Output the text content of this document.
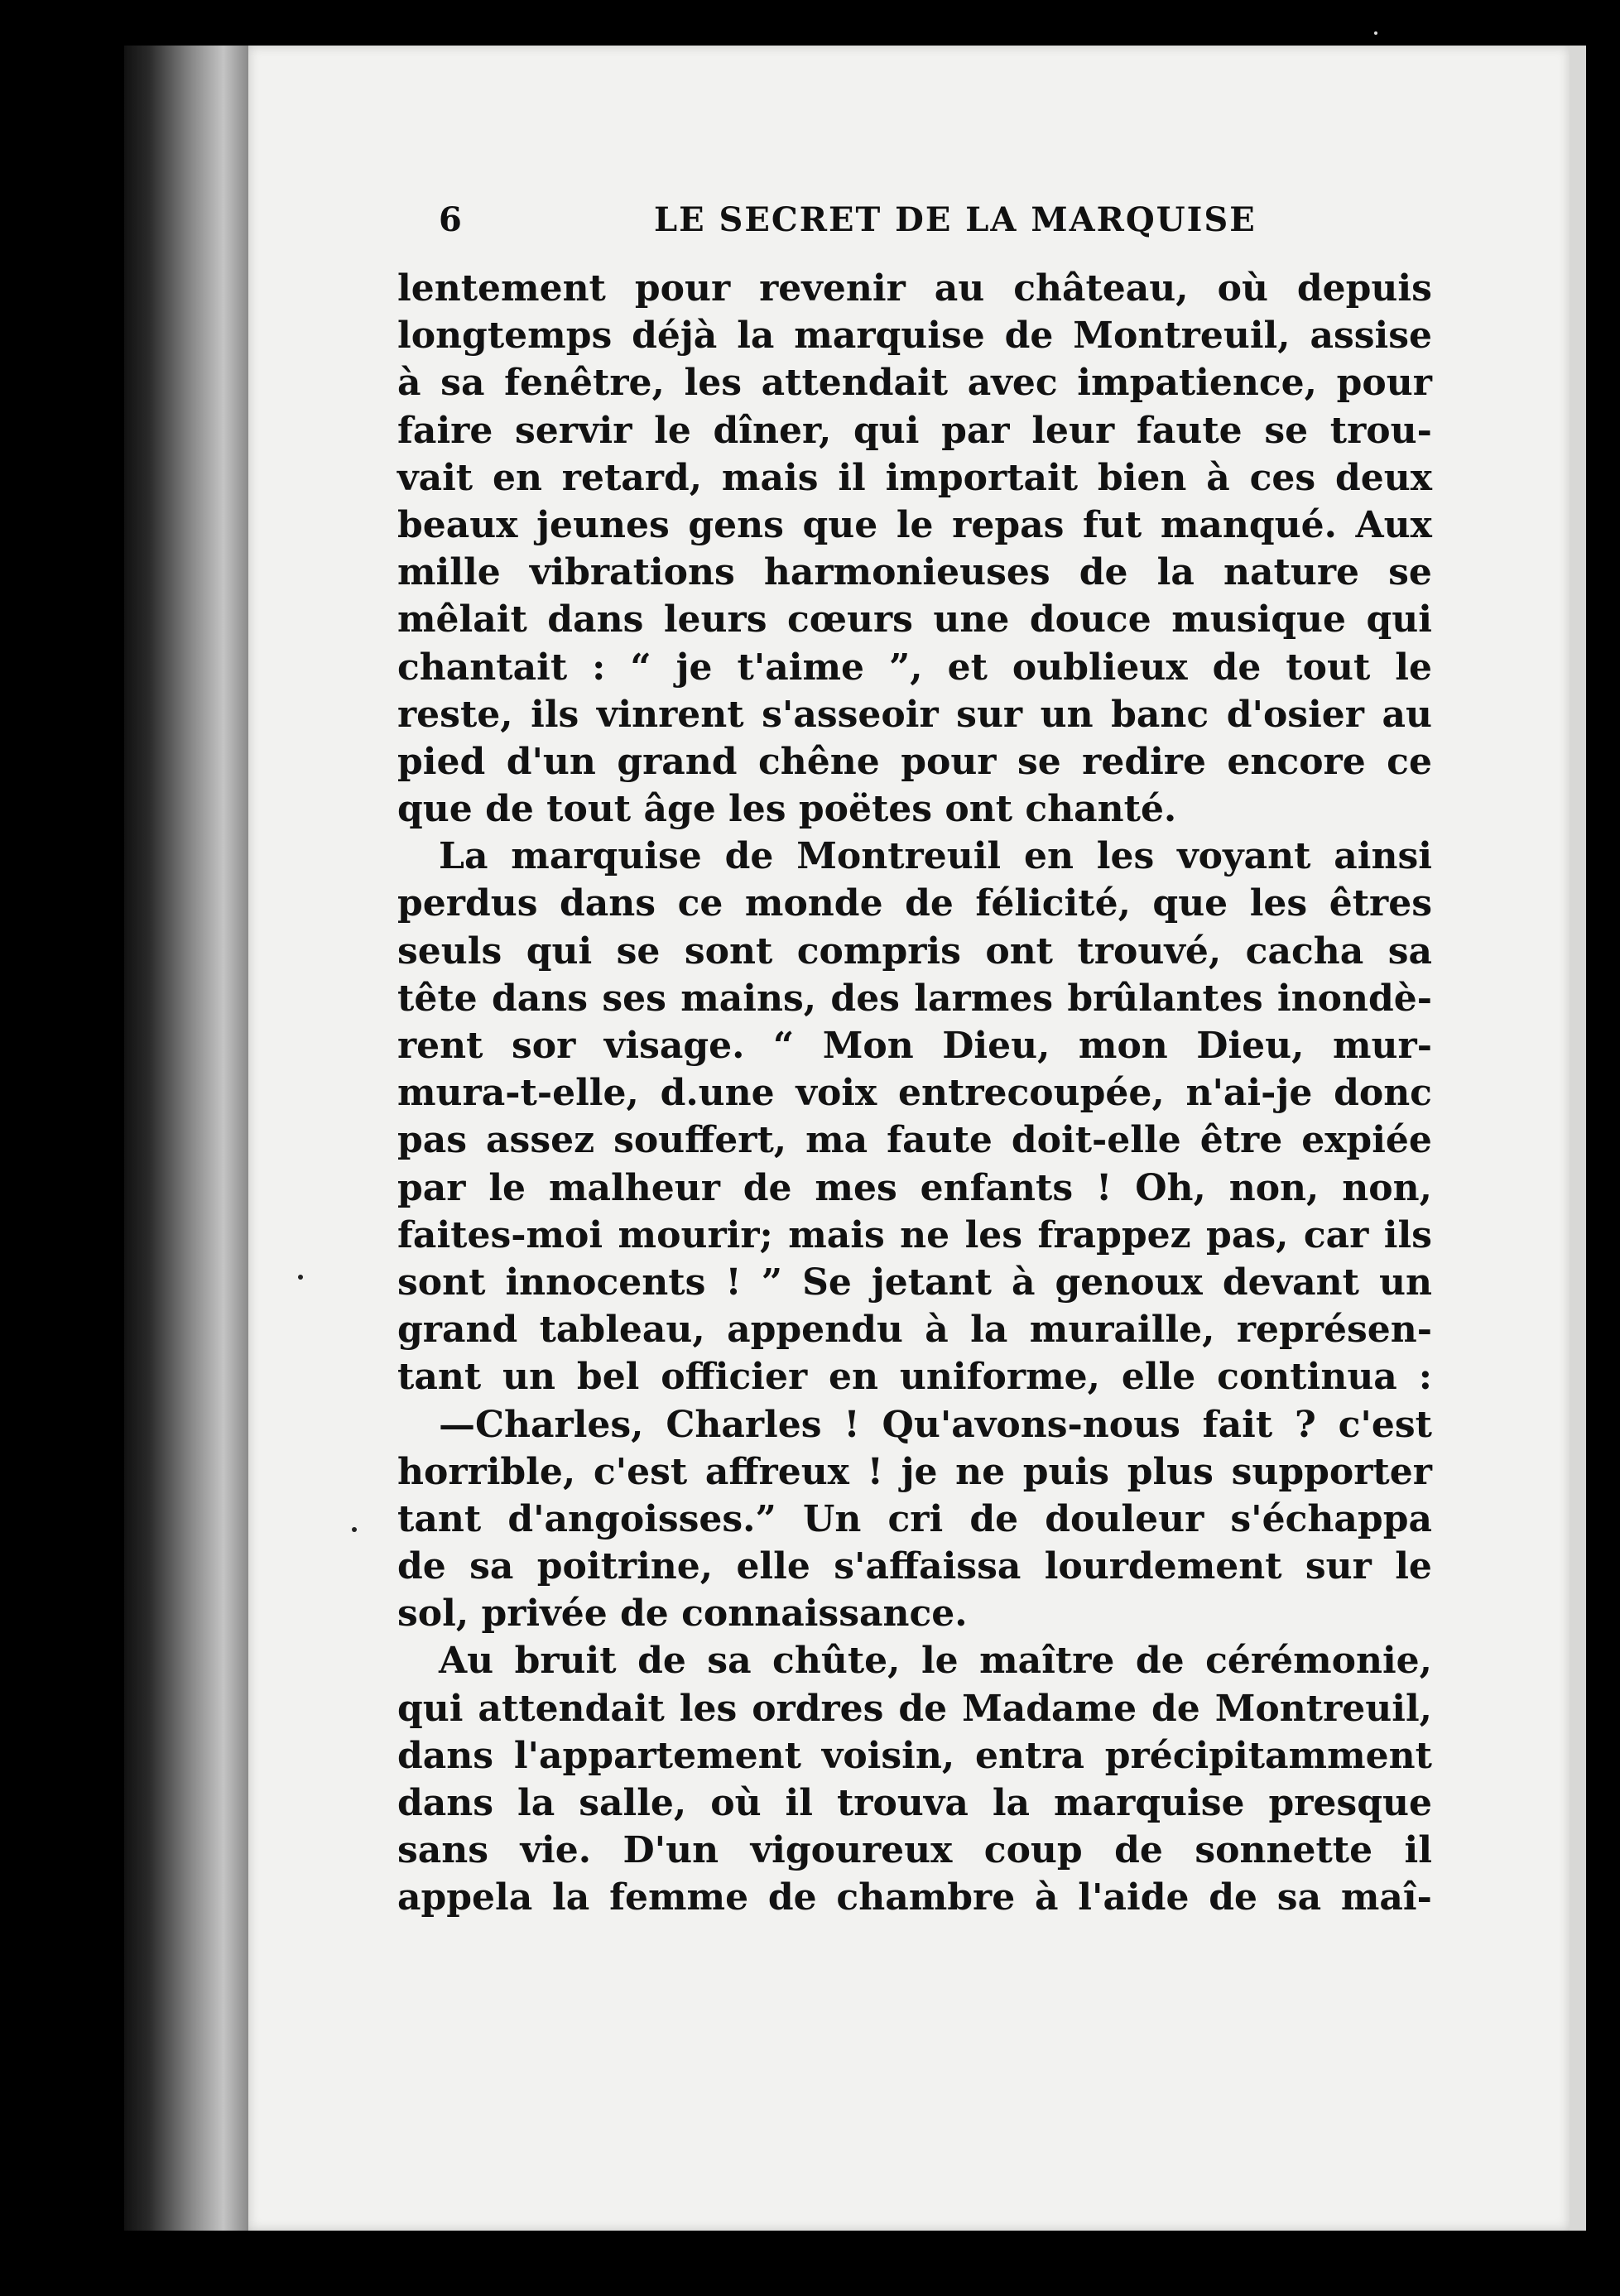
6	LE SECRET DE LA MARQUISE
lentement pour revenir au château, où depuis
longtemps déjà la marquise de Montreuil, assise
à sa fenêtre, les attendait avec impatience, pour
faire servir le dîner, qui par leur faute se trou-
vait en retard, mais il importait bien à ces deux
beaux jeunes gens que le repas fut manqué. Aux
mille vibrations harmonieuses de la nature se
mêlait dans leurs cœurs une douce musique qui
chantait : “ je t'aime ”, et oublieux de tout le
reste, ils vinrent s'asseoir sur un banc d'osier au
pied d'un grand chêne pour se redire encore ce
que de tout âge les poëtes ont chanté.
La marquise de Montreuil en les voyant ainsi
perdus dans ce monde de félicité, que les êtres
seuls qui se sont compris ont trouvé, cacha sa
tête dans ses mains, des larmes brûlantes inondè-
rent sor visage. “ Mon Dieu, mon Dieu, mur-
mura-t-elle, d.une voix entrecoupée, n'ai-je donc
pas assez souffert, ma faute doit-elle être expiée
par le malheur de mes enfants ! Oh, non, non,
faites-moi mourir; mais ne les frappez pas, car ils
sont innocents ! ” Se jetant à genoux devant un
grand tableau, appendu à la muraille, représen-
tant un bel officier en uniforme, elle continua :
—Charles, Charles ! Qu'avons-nous fait ? c'est
horrible, c'est affreux ! je ne puis plus supporter
tant d'angoisses.” Un cri de douleur s'échappa
de sa poitrine, elle s'affaissa lourdement sur le
sol, privée de connaissance.
Au bruit de sa chûte, le maître de cérémonie,
qui attendait les ordres de Madame de Montreuil,
dans l'appartement voisin, entra précipitamment
dans la salle, où il trouva la marquise presque
sans vie. D'un vigoureux coup de sonnette il
appela la femme de chambre à l'aide de sa maî-
